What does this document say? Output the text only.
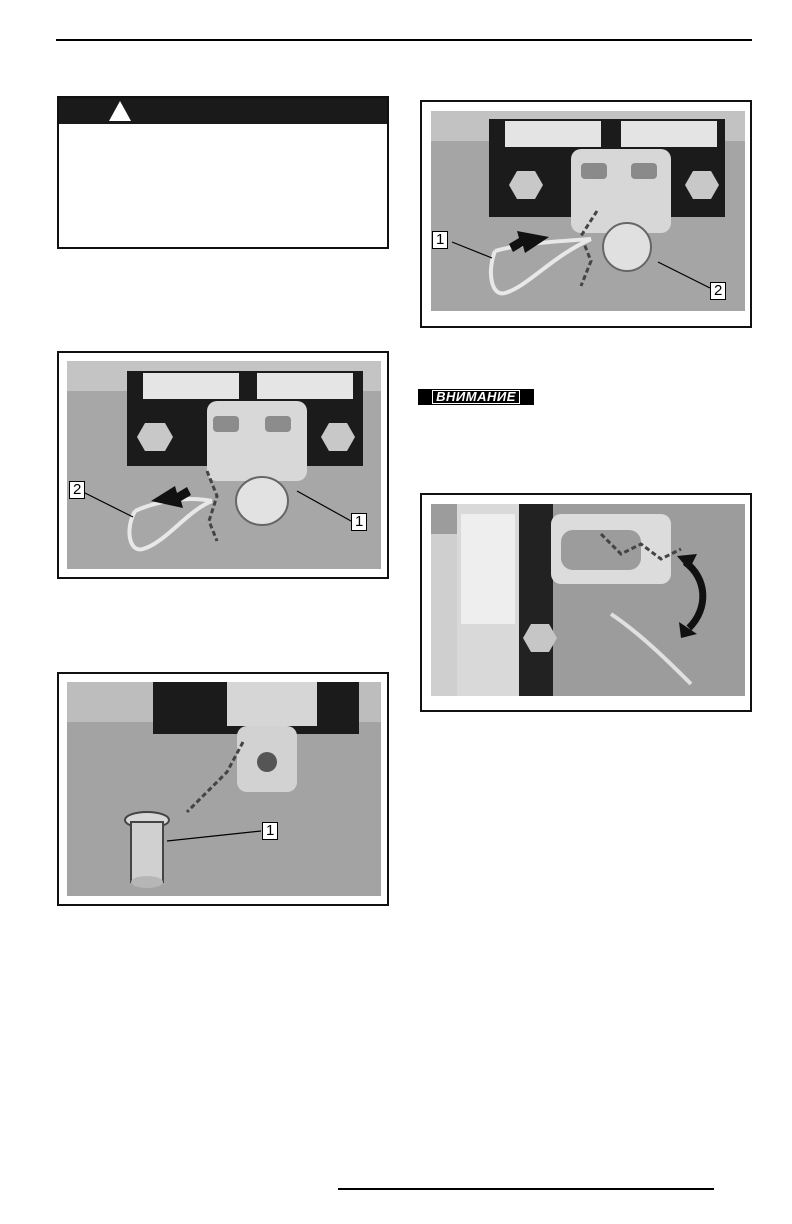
2
1
1
1
2
ВНИМАНИЕ
